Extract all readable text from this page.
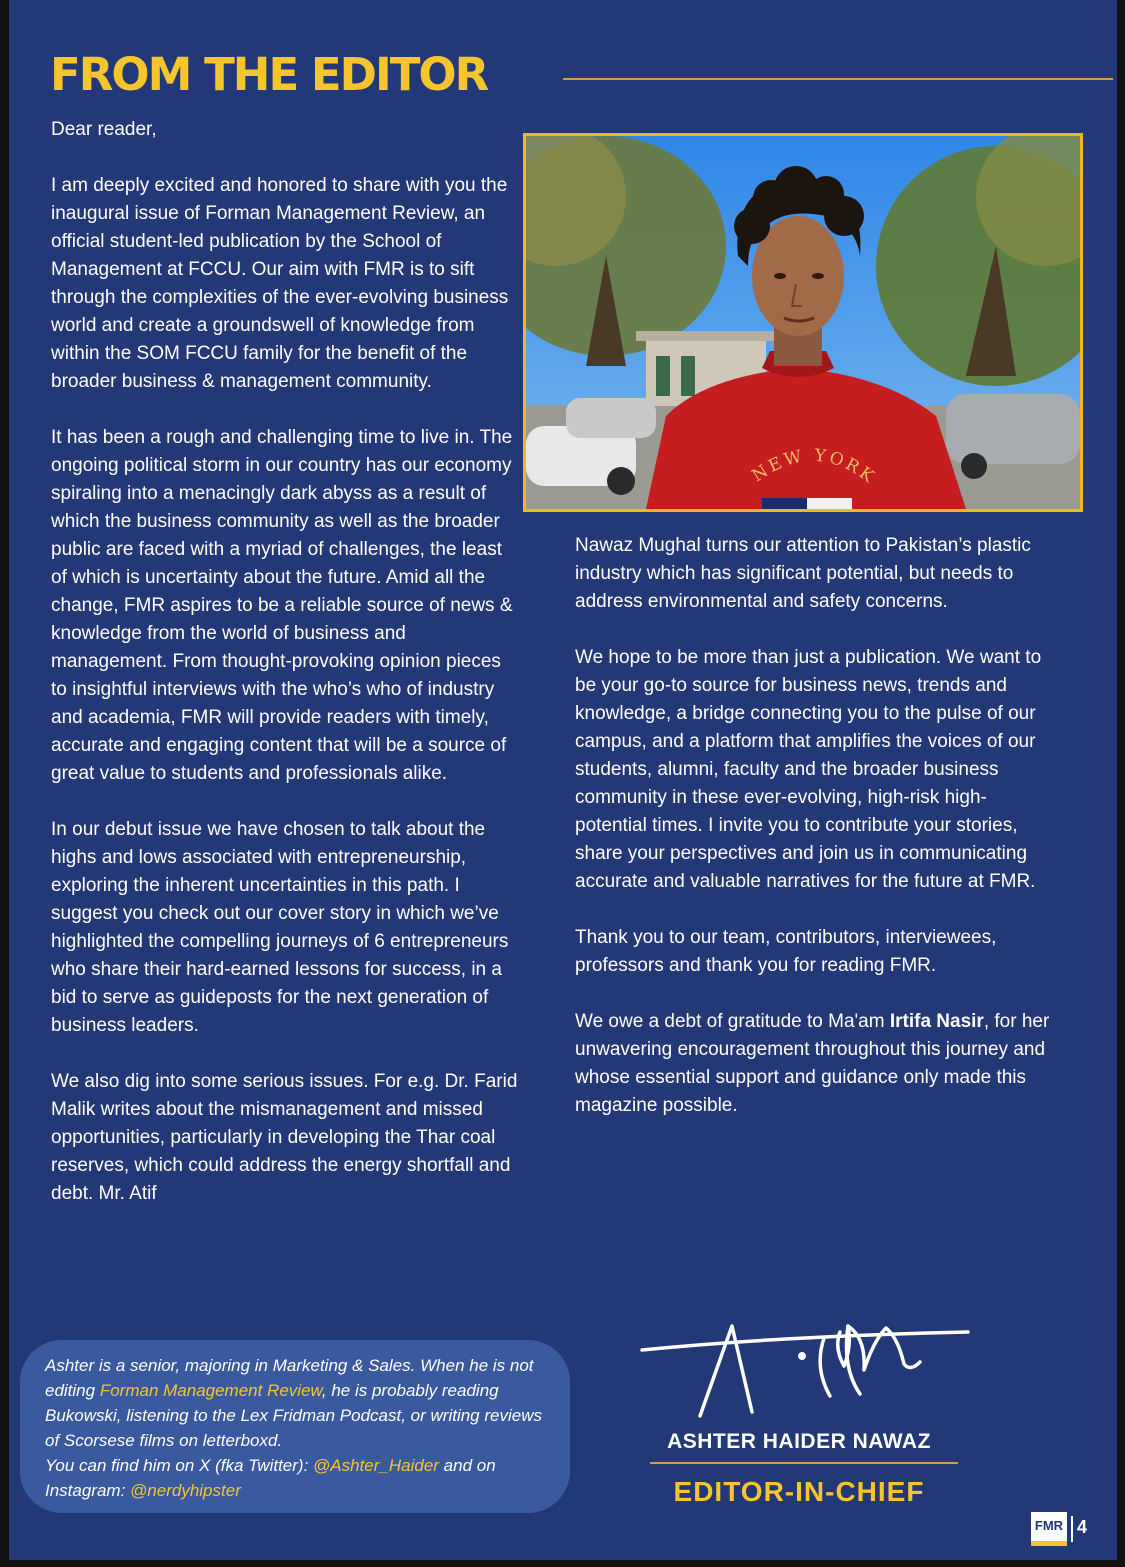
FROM THE EDITOR

Dear reader,

I am deeply excited and honored to share with you the inaugural issue of Forman Management Review, an official student-led publication by the School of Management at FCCU. Our aim with FMR is to sift through the complexities of the ever-evolving business world and create a groundswell of knowledge from within the SOM FCCU family for the benefit of the broader business & management community.

It has been a rough and challenging time to live in. The ongoing political storm in our country has our economy spiraling into a menacingly dark abyss as a result of which the business community as well as the broader public are faced with a myriad of challenges, the least of which is uncertainty about the future. Amid all the change, FMR aspires to be a reliable source of news & knowledge from the world of business and management. From thought-provoking opinion pieces to insightful interviews with the who’s who of industry and academia, FMR will provide readers with timely, accurate and engaging content that will be a source of great value to students and professionals alike.

In our debut issue we have chosen to talk about the highs and lows associated with entrepreneurship, exploring the inherent uncertainties in this path. I suggest you check out our cover story in which we’ve highlighted the compelling journeys of 6 entrepreneurs who share their hard-earned lessons for success, in a bid to serve as guideposts for the next generation of business leaders.

We also dig into some serious issues. For e.g. Dr. Farid Malik writes about the mismanagement and missed opportunities, particularly in developing the Thar coal reserves, which could address the energy shortfall and debt. Mr. Atif

NEW YORK

Nawaz Mughal turns our attention to Pakistan’s plastic industry which has significant potential, but needs to address environmental and safety concerns.

We hope to be more than just a publication. We want to be your go-to source for business news, trends and knowledge, a bridge connecting you to the pulse of our campus, and a platform that amplifies the voices of our students, alumni, faculty and the broader business community in these ever-evolving, high-risk high-potential times. I invite you to contribute your stories, share your perspectives and join us in communicating accurate and valuable narratives for the future at FMR.

Thank you to our team, contributors, interviewees, professors and thank you for reading FMR.

We owe a debt of gratitude to Ma'am Irtifa Nasir, for her unwavering encouragement throughout this journey and whose essential support and guidance only made this magazine possible.

Ashter is a senior, majoring in Marketing & Sales. When he is not editing Forman Management Review, he is probably reading Bukowski, listening to the Lex Fridman Podcast, or writing reviews of Scorsese films on letterboxd.
You can find him on X (fka Twitter): @Ashter_Haider and on Instagram: @nerdyhipster
ASHTER HAIDER NAWAZ
EDITOR-IN-CHIEF
FMR 4
